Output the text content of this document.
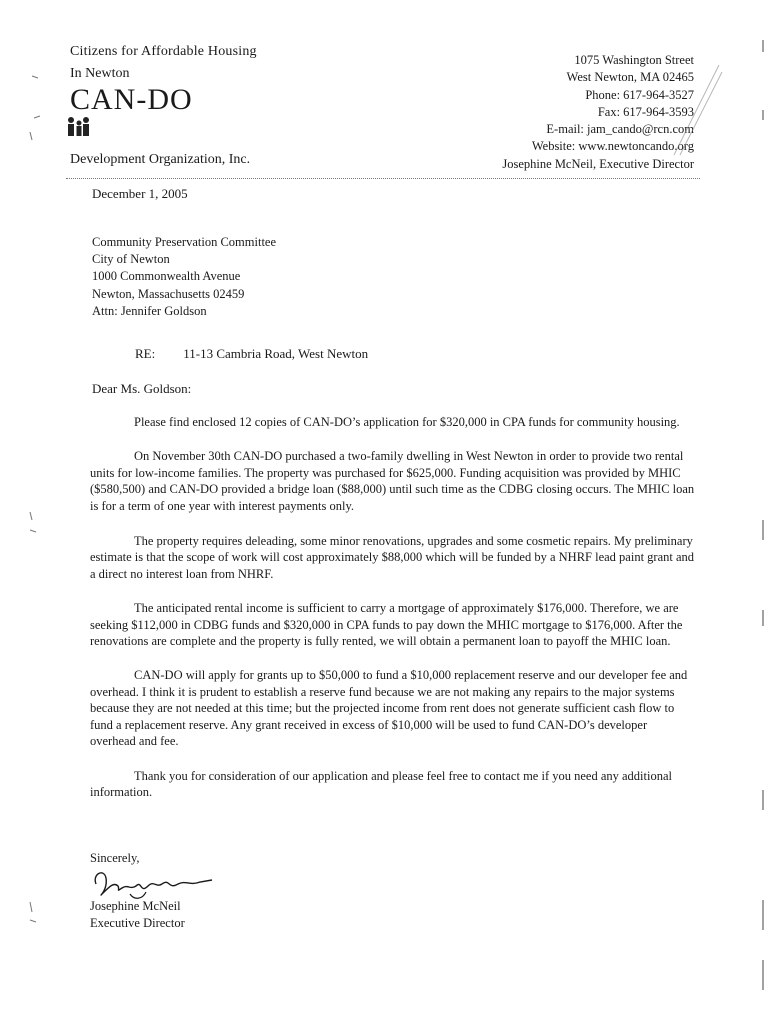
Citizens for Affordable Housing
In Newton
CAN-DO
Development Organization, Inc.
1075 Washington Street
West Newton, MA 02465
Phone: 617-964-3527
Fax: 617-964-3593
E-mail: jam_cando@rcn.com
Website: www.newtoncando.org
Josephine McNeil, Executive Director
December 1, 2005
Community Preservation Committee
City of Newton
1000 Commonwealth Avenue
Newton, Massachusetts 02459
Attn: Jennifer Goldson
RE: 11-13 Cambria Road, West Newton
Dear Ms. Goldson:

Please find enclosed 12 copies of CAN-DO’s application for $320,000 in CPA funds for community housing.

On November 30th CAN-DO purchased a two-family dwelling in West Newton in order to provide two rental units for low-income families. The property was purchased for $625,000. Funding acquisition was provided by MHIC ($580,500) and CAN-DO provided a bridge loan ($88,000) until such time as the CDBG closing occurs. The MHIC loan is for a term of one year with interest payments only.

The property requires deleading, some minor renovations, upgrades and some cosmetic repairs. My preliminary estimate is that the scope of work will cost approximately $88,000 which will be funded by a NHRF lead paint grant and a direct no interest loan from NHRF.

The anticipated rental income is sufficient to carry a mortgage of approximately $176,000. Therefore, we are seeking $112,000 in CDBG funds and $320,000 in CPA funds to pay down the MHIC mortgage to $176,000. After the renovations are complete and the property is fully rented, we will obtain a permanent loan to payoff the MHIC loan.

CAN-DO will apply for grants up to $50,000 to fund a $10,000 replacement reserve and our developer fee and overhead. I think it is prudent to establish a reserve fund because we are not making any repairs to the major systems because they are not needed at this time; but the projected income from rent does not generate sufficient cash flow to fund a replacement reserve. Any grant received in excess of $10,000 will be used to fund CAN-DO’s developer overhead and fee.

Thank you for consideration of our application and please feel free to contact me if you need any additional information.

Sincerely,
Josephine McNeil
Executive Director
